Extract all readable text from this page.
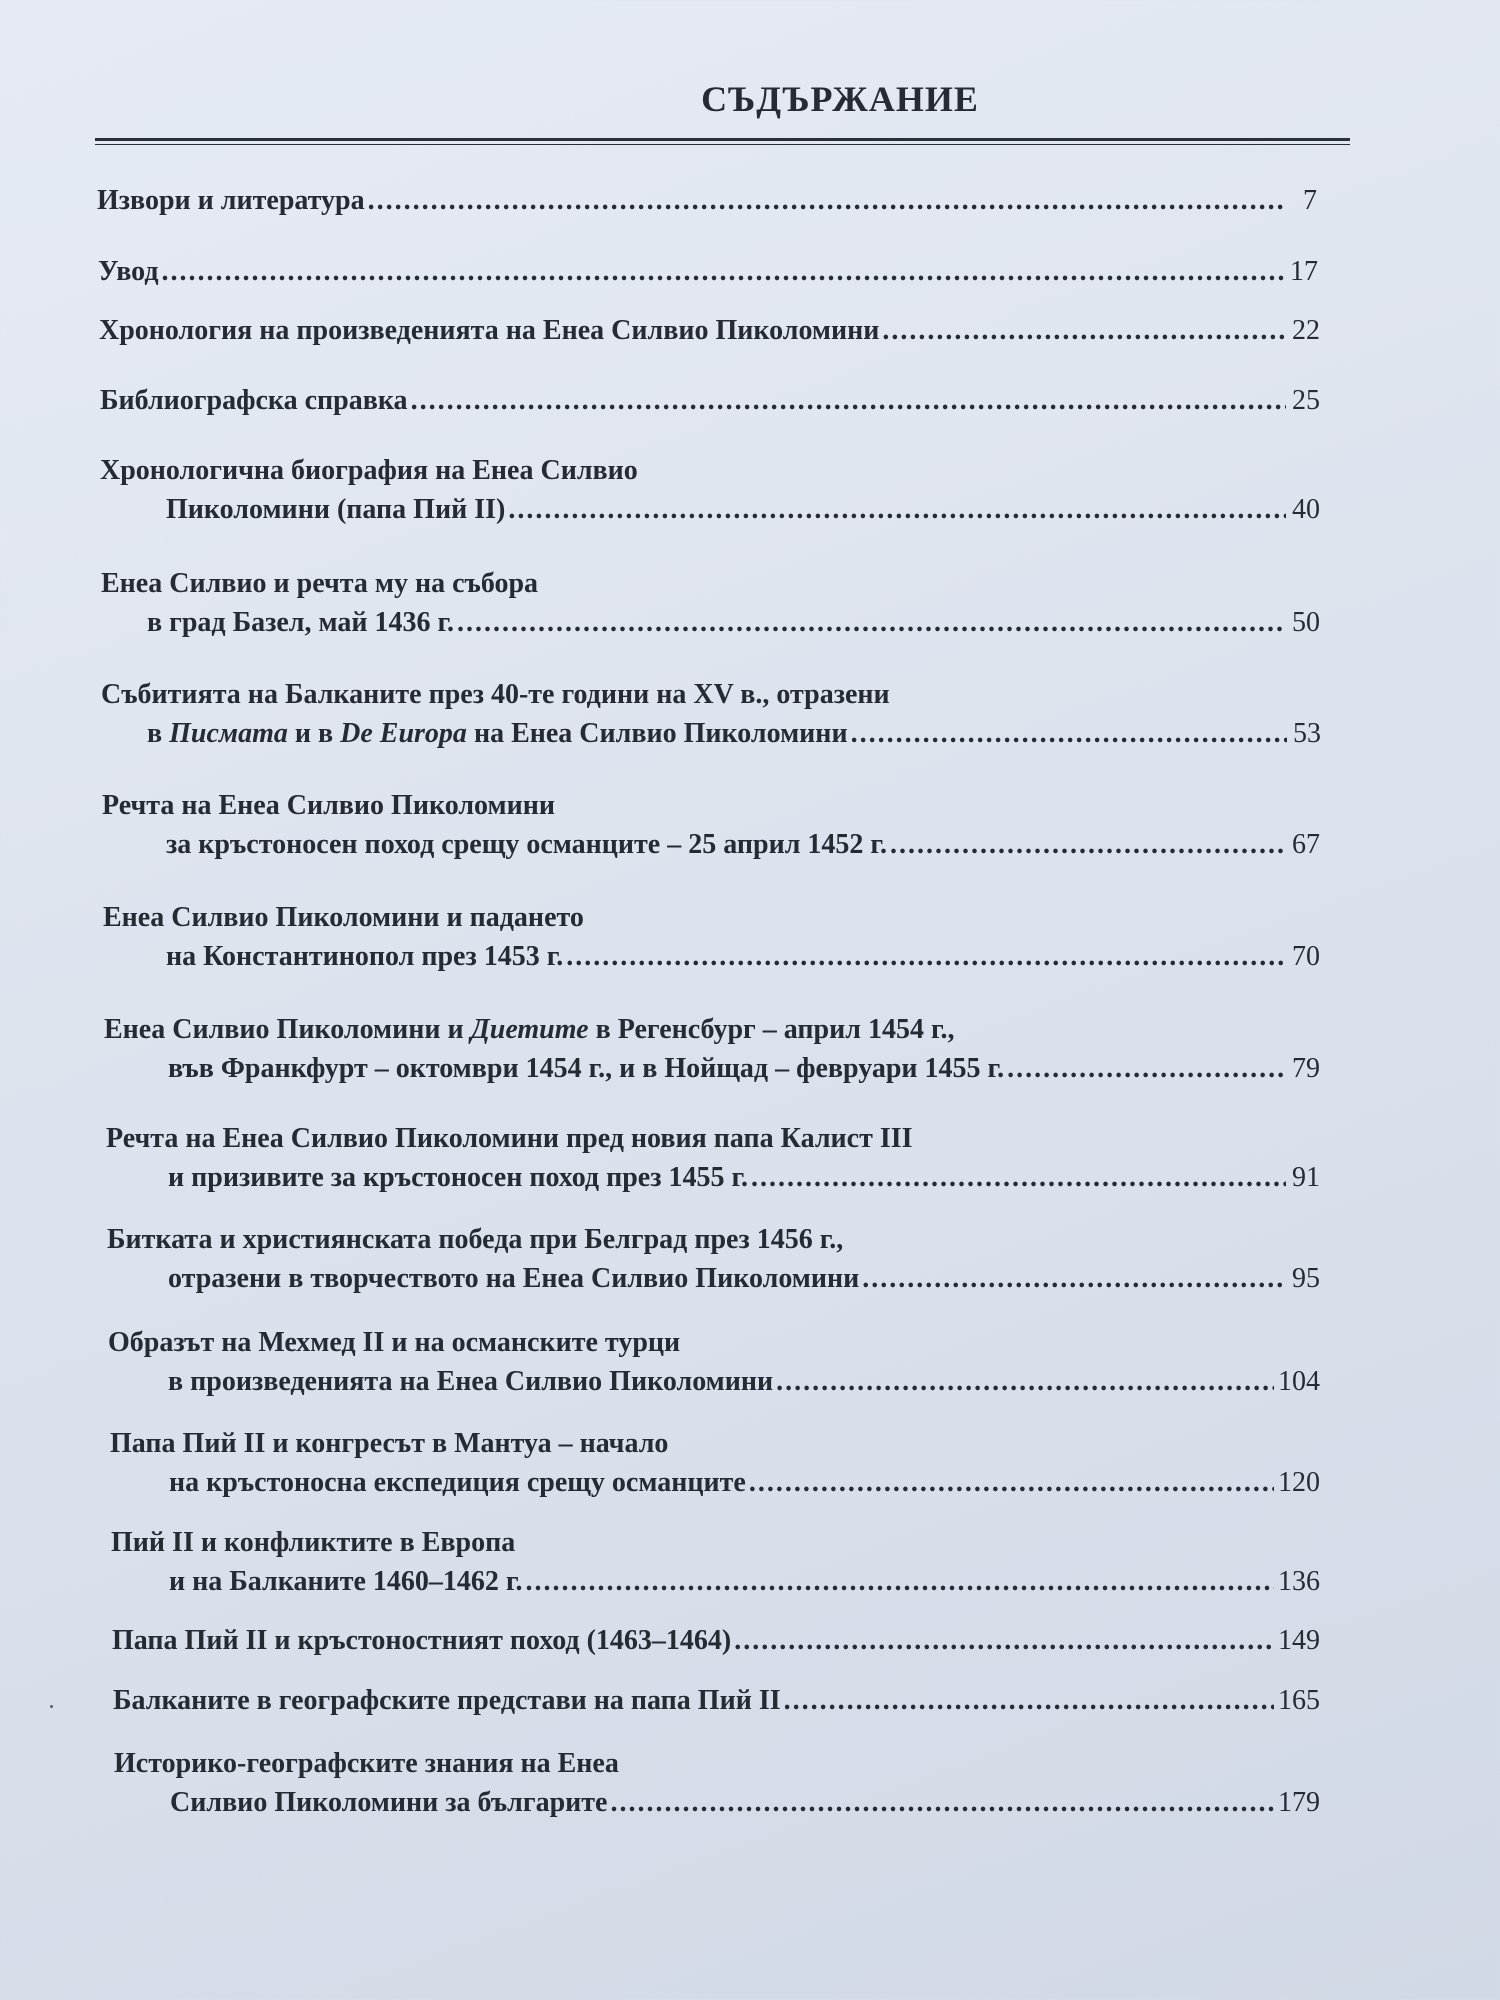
СЪДЪРЖАНИЕ
Извори и литература .....	7
Увод .....	17
Хронология на произведенията на Енеа Силвио Пиколомини .....	22
Библиографска справка .....	25
Хронологична биография на Енеа Силвио
Пиколомини (папа Пий II) .....	40
Енеа Силвио и речта му на събора
в град Базел, май 1436 г. .....	50
Събитията на Балканите през 40-те години на XV в., отразени
в Писмата и в De Europa на Енеа Силвио Пиколомини .....	53
Речта на Енеа Силвио Пиколомини
за кръстоносен поход срещу османците – 25 април 1452 г. .....	67
Енеа Силвио Пиколомини и падането
на Константинопол през 1453 г. .....	70
Енеа Силвио Пиколомини и Диетите в Регенсбург – април 1454 г.,
във Франкфурт – октомври 1454 г., и в Нойщад – февруари 1455 г. .....	79
Речта на Енеа Силвио Пиколомини пред новия папа Калист III
и призивите за кръстоносен поход през 1455 г. .....	91
Битката и християнската победа при Белград през 1456 г.,
отразени в творчеството на Енеа Силвио Пиколомини .....	95
Образът на Мехмед II и на османските турци
в произведенията на Енеа Силвио Пиколомини .....	104
Папа Пий II и конгресът в Мантуа – начало
на кръстоносна експедиция срещу османците .....	120
Пий II и конфликтите в Европа
и на Балканите 1460–1462 г. .....	136
Папа Пий II и кръстоностният поход (1463–1464) .....	149
Балканите в географските представи на папа Пий II .....	165
Историко-географските знания на Енеа
Силвио Пиколомини за българите .....	179
